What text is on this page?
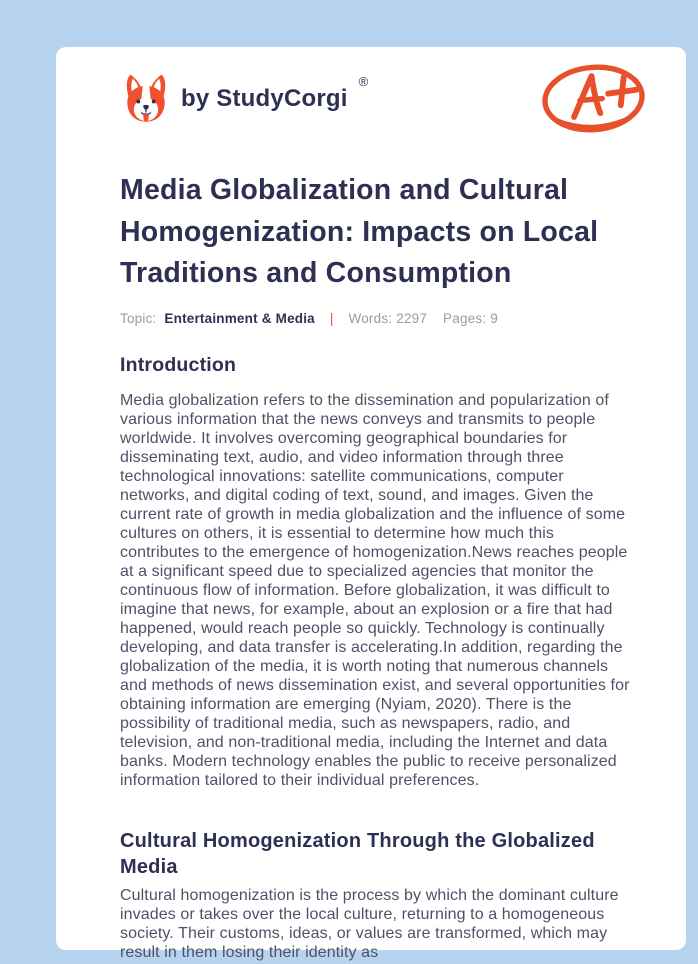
by StudyCorgi
®
Media Globalization and Cultural Homogenization: Impacts on Local Traditions and Consumption
Topic: Entertainment & Media | Words: 2297 Pages: 9
Introduction

Media globalization refers to the dissemination and popularization of various information that the news conveys and transmits to people worldwide. It involves overcoming geographical boundaries for disseminating text, audio, and video information through three technological innovations: satellite communications, computer networks, and digital coding of text, sound, and images. Given the current rate of growth in media globalization and the influence of some cultures on others, it is essential to determine how much this contributes to the emergence of homogenization.News reaches people at a significant speed due to specialized agencies that monitor the continuous flow of information. Before globalization, it was difficult to imagine that news, for example, about an explosion or a fire that had happened, would reach people so quickly. Technology is continually developing, and data transfer is accelerating.In addition, regarding the globalization of the media, it is worth noting that numerous channels and methods of news dissemination exist, and several opportunities for obtaining information are emerging (Nyiam, 2020). There is the possibility of traditional media, such as newspapers, radio, and television, and non-traditional media, including the Internet and data banks. Modern technology enables the public to receive personalized information tailored to their individual preferences.

Cultural Homogenization Through the Globalized Media

Cultural homogenization is the process by which the dominant culture invades or takes over the local culture, returning to a homogeneous society. Their customs, ideas, or values are transformed, which may result in them losing their identity as
